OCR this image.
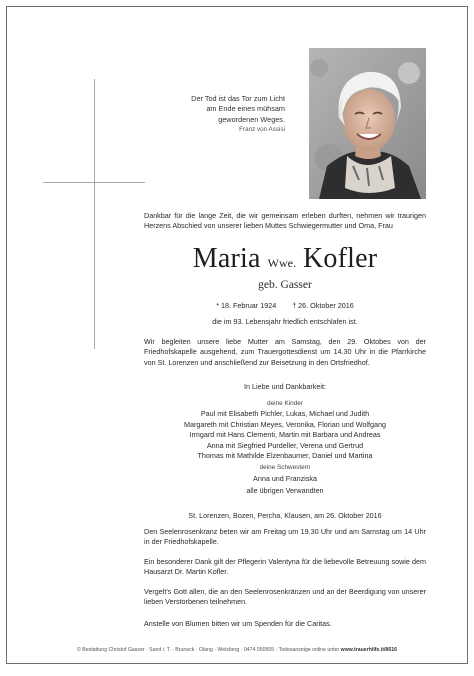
Der Tod ist das Tor zum Licht
am Ende eines mühsam
gewordenen Weges.
Franz von Assisi
Dankbar für die lange Zeit, die wir gemeinsam erleben durften, nehmen wir traurigen Herzens Abschied von unserer lieben Muttes Schwiegermutter und Oma, Frau
Maria Wwe. Kofler
geb. Gasser
* 18. Februar 1924 † 26. Oktober 2016
die im 93. Lebensjahr friedlich entschlafen ist.
Wir begleiten unsere liebe Mutter am Samstag, den 29. Oktobes von der Friedhofskapelle ausgehend, zum Trauergottesdienst um 14.30 Uhr in die Pfarrkirche von St. Lorenzen und anschließend zur Beisetzung in den Ortsfriedhof.
In Liebe und Dankbarkeit:
deine Kinder
Paul mit Elisabeth Pichler, Lukas, Michael und Judith
Margareth mit Christian Meyes, Veronika, Florian und Wolfgang
Irmgard mit Hans Clementi, Martin mit Barbara und Andreas
Anna mit Siegfried Purdeller, Verena und Gertrud
Thomas mit Mathilde Elzenbaumer, Daniel und Martina
deine Schwestern
Anna und Franziska
alle übrigen Verwandten
St. Lorenzen, Bozen, Percha, Klausen, am 26. Oktober 2016
Den Seelenrosenkranz beten wir am Freitag um 19.30 Uhr und am Samstag um 14 Uhr in der Friedhofskapelle.
Ein besonderer Dank gilt der Pflegerin Valentyna für die liebevolle Betreuung sowie dem Hausarzt Dr. Martin Kofler.
Vergelt's Gott allen, die an den Seelenrosenkränzen und an der Beerdigung von unserer lieben Verstorbenen teilnehmen.
Anstelle von Blumen bitten wir um Spenden für die Caritas.
© Bestattung Christof Gasser · Sand i. T. · Bruneck · Olang · Welsberg · 0474 050505 · Todesanzeige online unter www.trauerhilfe.it/8616
